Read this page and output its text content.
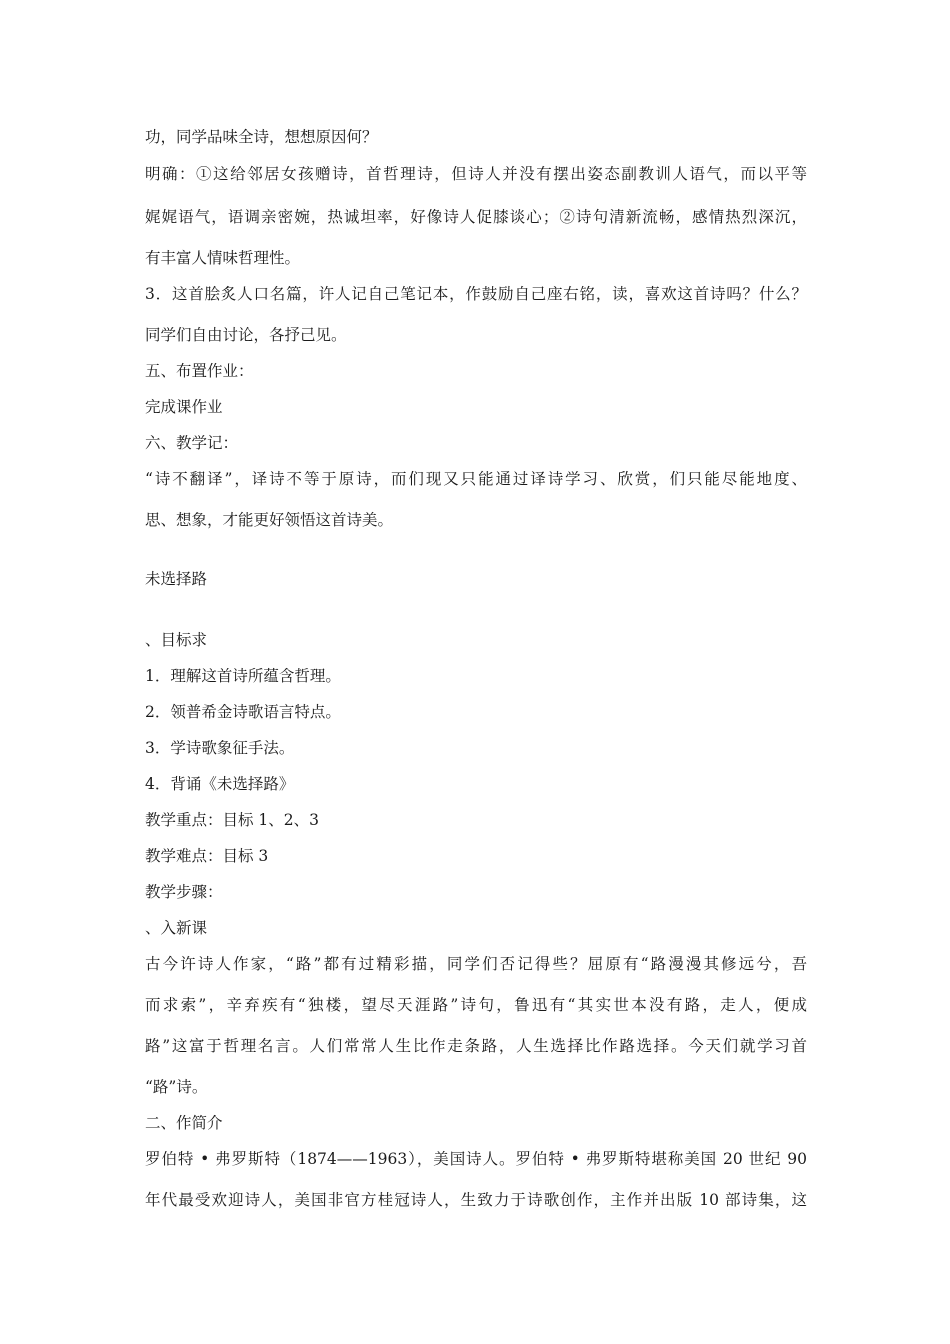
功，同学品味全诗，想想原因何？
明确：①这给邻居女孩赠诗，首哲理诗，但诗人并没有摆出姿态副教训人语气，而以平等
娓娓语气，语调亲密婉，热诚坦率，好像诗人促膝谈心；②诗句清新流畅，感情热烈深沉，
有丰富人情味哲理性。
3．这首脍炙人口名篇，许人记自己笔记本，作鼓励自己座右铭，读，喜欢这首诗吗？什么？
同学们自由讨论，各抒己见。
五、布置作业：
完成课作业
六、教学记：
“诗不翻译”，译诗不等于原诗，而们现又只能通过译诗学习、欣赏，们只能尽能地度、
思、想象，才能更好领悟这首诗美。
未选择路
、目标求
1．理解这首诗所蕴含哲理。
2．领普希金诗歌语言特点。
3．学诗歌象征手法。
4．背诵《未选择路》
教学重点：目标 1、2、3
教学难点：目标 3
教学步骤：
、入新课
古今许诗人作家，“路”都有过精彩描，同学们否记得些？屈原有“路漫漫其修远兮，吾
而求索”，辛弃疾有“独楼，望尽天涯路”诗句，鲁迅有“其实世本没有路，走人，便成
路”这富于哲理名言。人们常常人生比作走条路，人生选择比作路选择。今天们就学习首
“路”诗。
二、作简介
罗伯特 • 弗罗斯特（1874——1963），美国诗人。罗伯特 • 弗罗斯特堪称美国 20 世纪 90
年代最受欢迎诗人，美国非官方桂冠诗人，生致力于诗歌创作，主作并出版 10 部诗集，这
